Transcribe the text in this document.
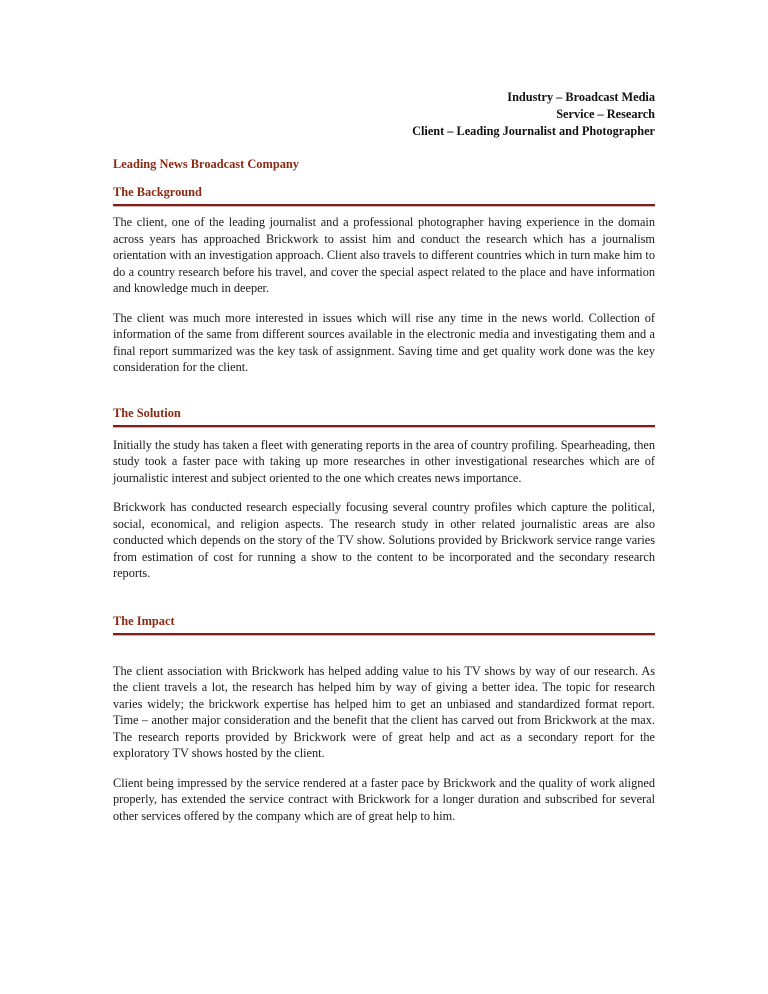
Industry – Broadcast Media
Service – Research
Client – Leading Journalist and Photographer
Leading News Broadcast Company
The Background

The client, one of the leading journalist and a professional photographer having experience in the domain across years has approached Brickwork to assist him and conduct the research which has a journalism orientation with an investigation approach. Client also travels to different countries which in turn make him to do a country research before his travel, and cover the special aspect related to the place and have information and knowledge much in deeper.

The client was much more interested in issues which will rise any time in the news world. Collection of information of the same from different sources available in the electronic media and investigating them and a final report summarized was the key task of assignment. Saving time and get quality work done was the key consideration for the client.

The Solution

Initially the study has taken a fleet with generating reports in the area of country profiling. Spearheading, then study took a faster pace with taking up more researches in other investigational researches which are of journalistic interest and subject oriented to the one which creates news importance.

Brickwork has conducted research especially focusing several country profiles which capture the political, social, economical, and religion aspects. The research study in other related journalistic areas are also conducted which depends on the story of the TV show. Solutions provided by Brickwork service range varies from estimation of cost for running a show to the content to be incorporated and the secondary research reports.

The Impact

The client association with Brickwork has helped adding value to his TV shows by way of our research. As the client travels a lot, the research has helped him by way of giving a better idea. The topic for research varies widely; the brickwork expertise has helped him to get an unbiased and standardized format report. Time – another major consideration and the benefit that the client has carved out from Brickwork at the max. The research reports provided by Brickwork were of great help and act as a secondary report for the exploratory TV shows hosted by the client.

Client being impressed by the service rendered at a faster pace by Brickwork and the quality of work aligned properly, has extended the service contract with Brickwork for a longer duration and subscribed for several other services offered by the company which are of great help to him.
